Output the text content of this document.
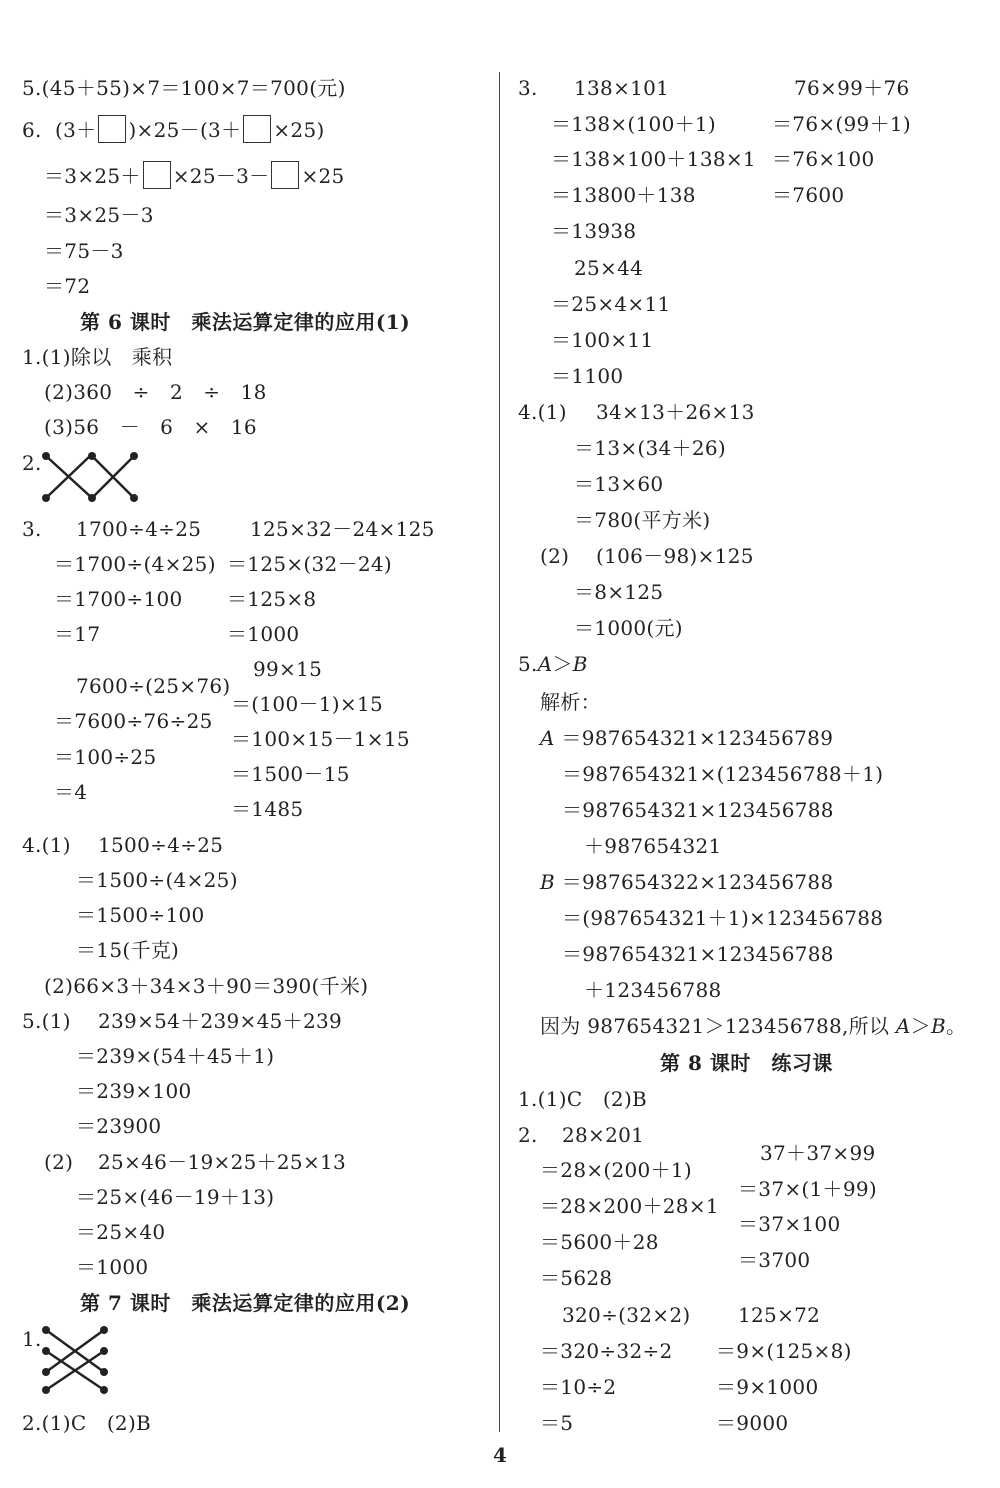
5.(45＋55)×7＝100×7＝700(元)
6.  (3＋ )×25－(3＋ ×25)
＝3×25＋ ×25－3－ ×25
＝3×25－3
＝75－3
＝72
第 6 课时　乘法运算定律的应用(1)
1.(1)除以　乘积
(2)360　÷　2　÷　18
(3)56　－　6　×　16
2.
3. 1700÷4÷25
＝1700÷(4×25)
＝1700÷100
＝17
125×32－24×125
＝125×(32－24)
＝125×8
＝1000
7600÷(25×76)
＝7600÷76÷25
＝100÷25
＝4
99×15
＝(100－1)×15
＝100×15－1×15
＝1500－15
＝1485
4.(1) 1500÷4÷25
＝1500÷(4×25)
＝1500÷100
＝15(千克)
(2)66×3＋34×3＋90＝390(千米)
5.(1) 239×54＋239×45＋239
＝239×(54＋45＋1)
＝239×100
＝23900
(2) 25×46－19×25＋25×13
＝25×(46－19＋13)
＝25×40
＝1000
第 7 课时　乘法运算定律的应用(2)
1.
2.(1)C　(2)B
3. 138×101
＝138×(100＋1)
＝138×100＋138×1
＝13800＋138
＝13938
76×99＋76
＝76×(99＋1)
＝76×100
＝7600
25×44
＝25×4×11
＝100×11
＝1100
4.(1) 34×13＋26×13
＝13×(34＋26)
＝13×60
＝780(平方米)
(2) (106－98)×125
＝8×125
＝1000(元)
5.A＞B
解析：
A ＝987654321×123456789
＝987654321×(123456788＋1)
＝987654321×123456788
＋987654321
B ＝987654322×123456788
＝(987654321＋1)×123456788
＝987654321×123456788
＋123456788
因为 987654321＞123456788,所以 A＞B。
第 8 课时　练习课
1.(1)C　(2)B
2. 28×201
＝28×(200＋1)
＝28×200＋28×1
＝5600＋28
＝5628
37＋37×99
＝37×(1＋99)
＝37×100
＝3700
320÷(32×2)
＝320÷32÷2
＝10÷2
＝5
125×72
＝9×(125×8)
＝9×1000
＝9000
4
